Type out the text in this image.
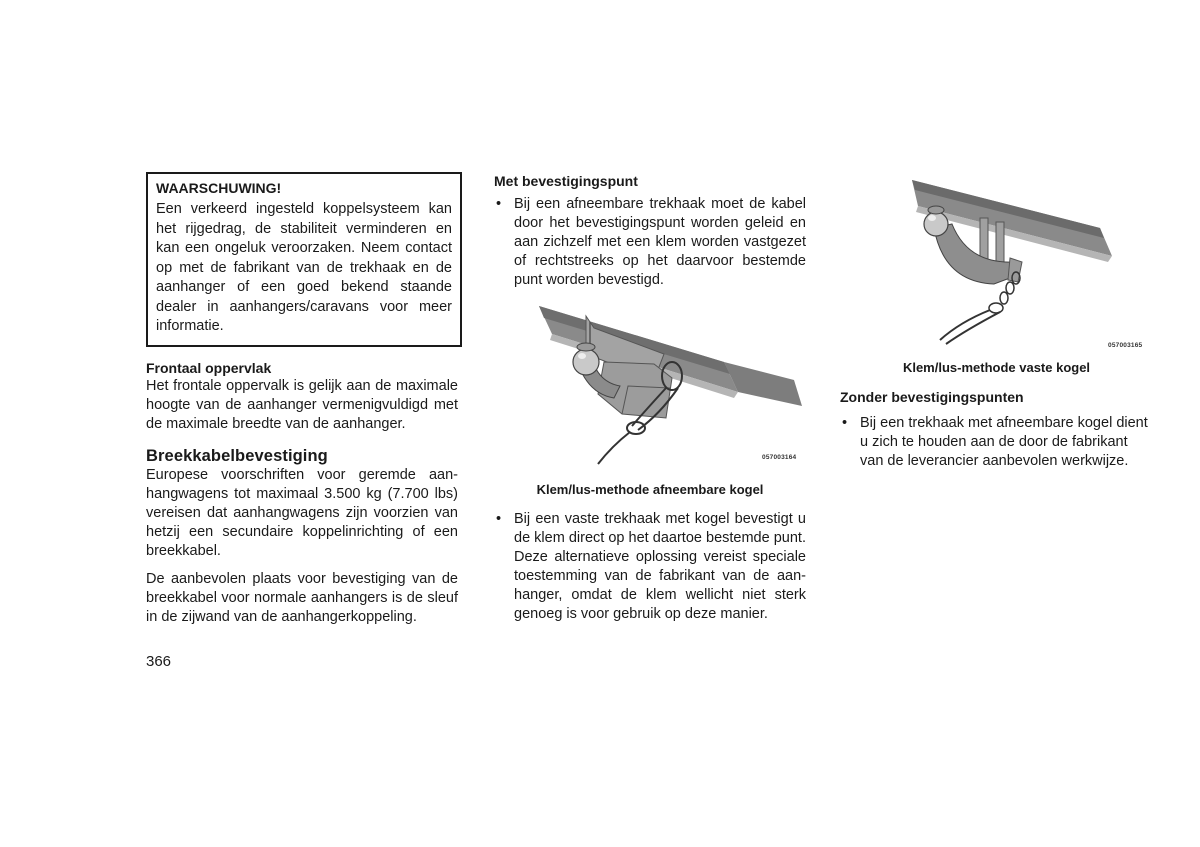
WAARSCHUWING!
Een verkeerd ingesteld koppelsysteem kan het rijgedrag, de stabiliteit verminderen en kan een ongeluk veroorzaken. Neem contact op met de fabrikant van de trekhaak en de aanhanger of een goed bekend staande dealer in aanhangers/caravans voor meer informatie.
Frontaal oppervlak

Het frontale oppervalk is gelijk aan de maximale hoogte van de aanhanger vermenigvuldigd met de maximale breedte van de aanhanger.

Breekkabelbevestiging

Europese voorschriften voor geremde aan-hangwagens tot maximaal 3.500 kg (7.700 lbs) vereisen dat aanhangwagens zijn voorzien van hetzij een secundaire koppelinrichting of een breekkabel.

De aanbevolen plaats voor bevestiging van de breekkabel voor normale aanhangers is de sleuf in de zijwand van de aanhangerkoppeling.

Met bevestigingspunt
• Bij een afneembare trekhaak moet de kabel door het bevestigingspunt worden geleid en aan zichzelf met een klem worden vastgezet of rechtstreeks op het daarvoor bestemde punt worden bevestigd.
057003164
Klem/lus-methode afneembare kogel
• Bij een vaste trekhaak met kogel bevestigt u de klem direct op het daartoe bestemde punt. Deze alternatieve oplossing vereist speciale toestemming van de fabrikant van de aan-hanger, omdat de klem wellicht niet sterk genoeg is voor gebruik op deze manier.
057003165
Klem/lus-methode vaste kogel
Zonder bevestigingspunten
• Bij een trekhaak met afneembare kogel dient u zich te houden aan de door de fabrikant van de leverancier aanbevolen werkwijze.
366
